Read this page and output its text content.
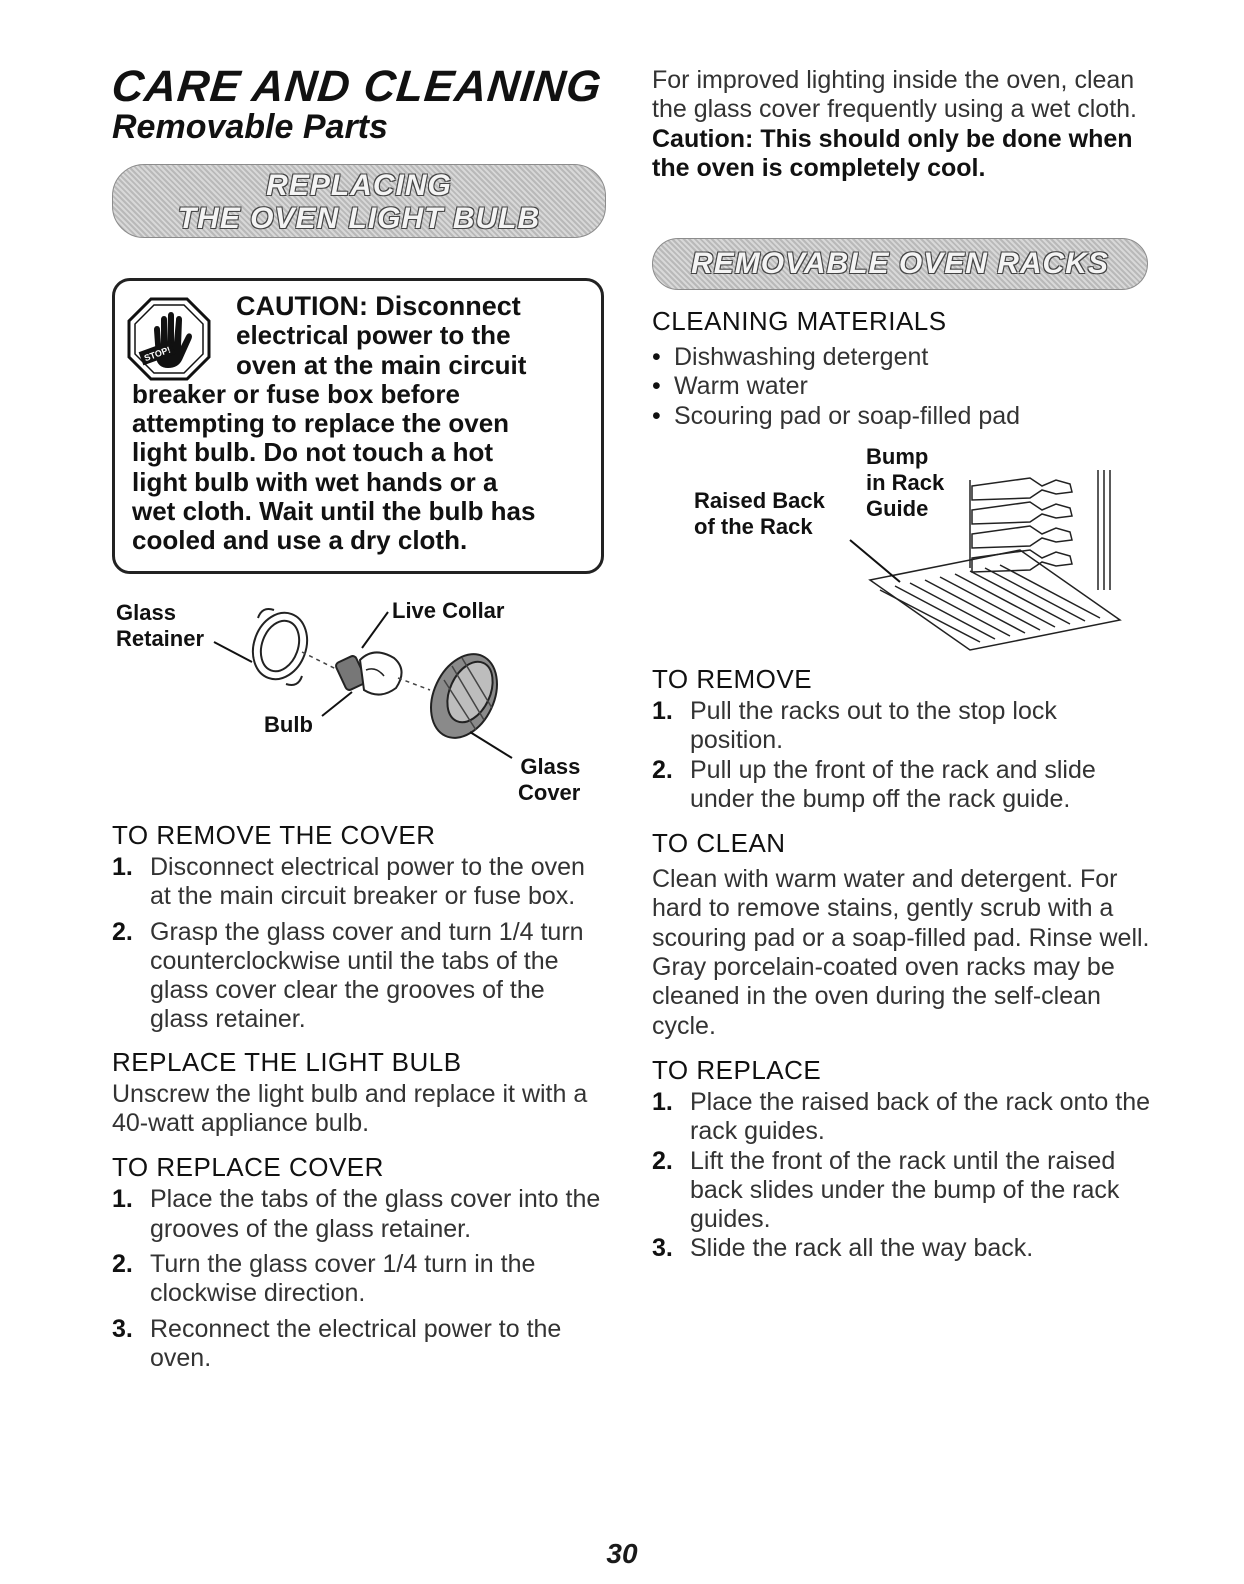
CARE AND CLEANING
Removable Parts
REPLACING
THE OVEN LIGHT BULB
STOP!
CAUTION: Disconnect
electrical power to the
oven at the main circuit
breaker or fuse box before
attempting to replace the oven
light bulb. Do not touch a hot
light bulb with wet hands or a
wet cloth. Wait until the bulb has
cooled and use a dry cloth.
Glass
Retainer
Live Collar
Bulb
Glass
Cover
TO REMOVE THE COVER
1. Disconnect electrical power to the oven at the main circuit breaker or fuse box.
2. Grasp the glass cover and turn 1/4 turn counterclockwise until the tabs of the glass cover clear the grooves of the glass retainer.
REPLACE THE LIGHT BULB
Unscrew the light bulb and replace it with a 40-watt appliance bulb.
TO REPLACE COVER
1. Place the tabs of the glass cover into the grooves of the glass retainer.
2. Turn the glass cover 1/4 turn in the clockwise direction.
3. Reconnect the electrical power to the oven.
For improved lighting inside the oven, clean the glass cover frequently using a wet cloth. Caution: This should only be done when the oven is completely cool.
REMOVABLE OVEN RACKS
CLEANING MATERIALS
• Dishwashing detergent
• Warm water
• Scouring pad or soap-filled pad
Bump
in Rack
Guide
Raised Back
of the Rack
TO REMOVE
1. Pull the racks out to the stop lock position.
2. Pull up the front of the rack and slide under the bump off the rack guide.
TO CLEAN
Clean with warm water and detergent. For hard to remove stains, gently scrub with a scouring pad or a soap-filled pad. Rinse well. Gray porcelain-coated oven racks may be cleaned in the oven during the self-clean cycle.
TO REPLACE
1. Place the raised back of the rack onto the rack guides.
2. Lift the front of the rack until the raised back slides under the bump of the rack guides.
3. Slide the rack all the way back.
30
